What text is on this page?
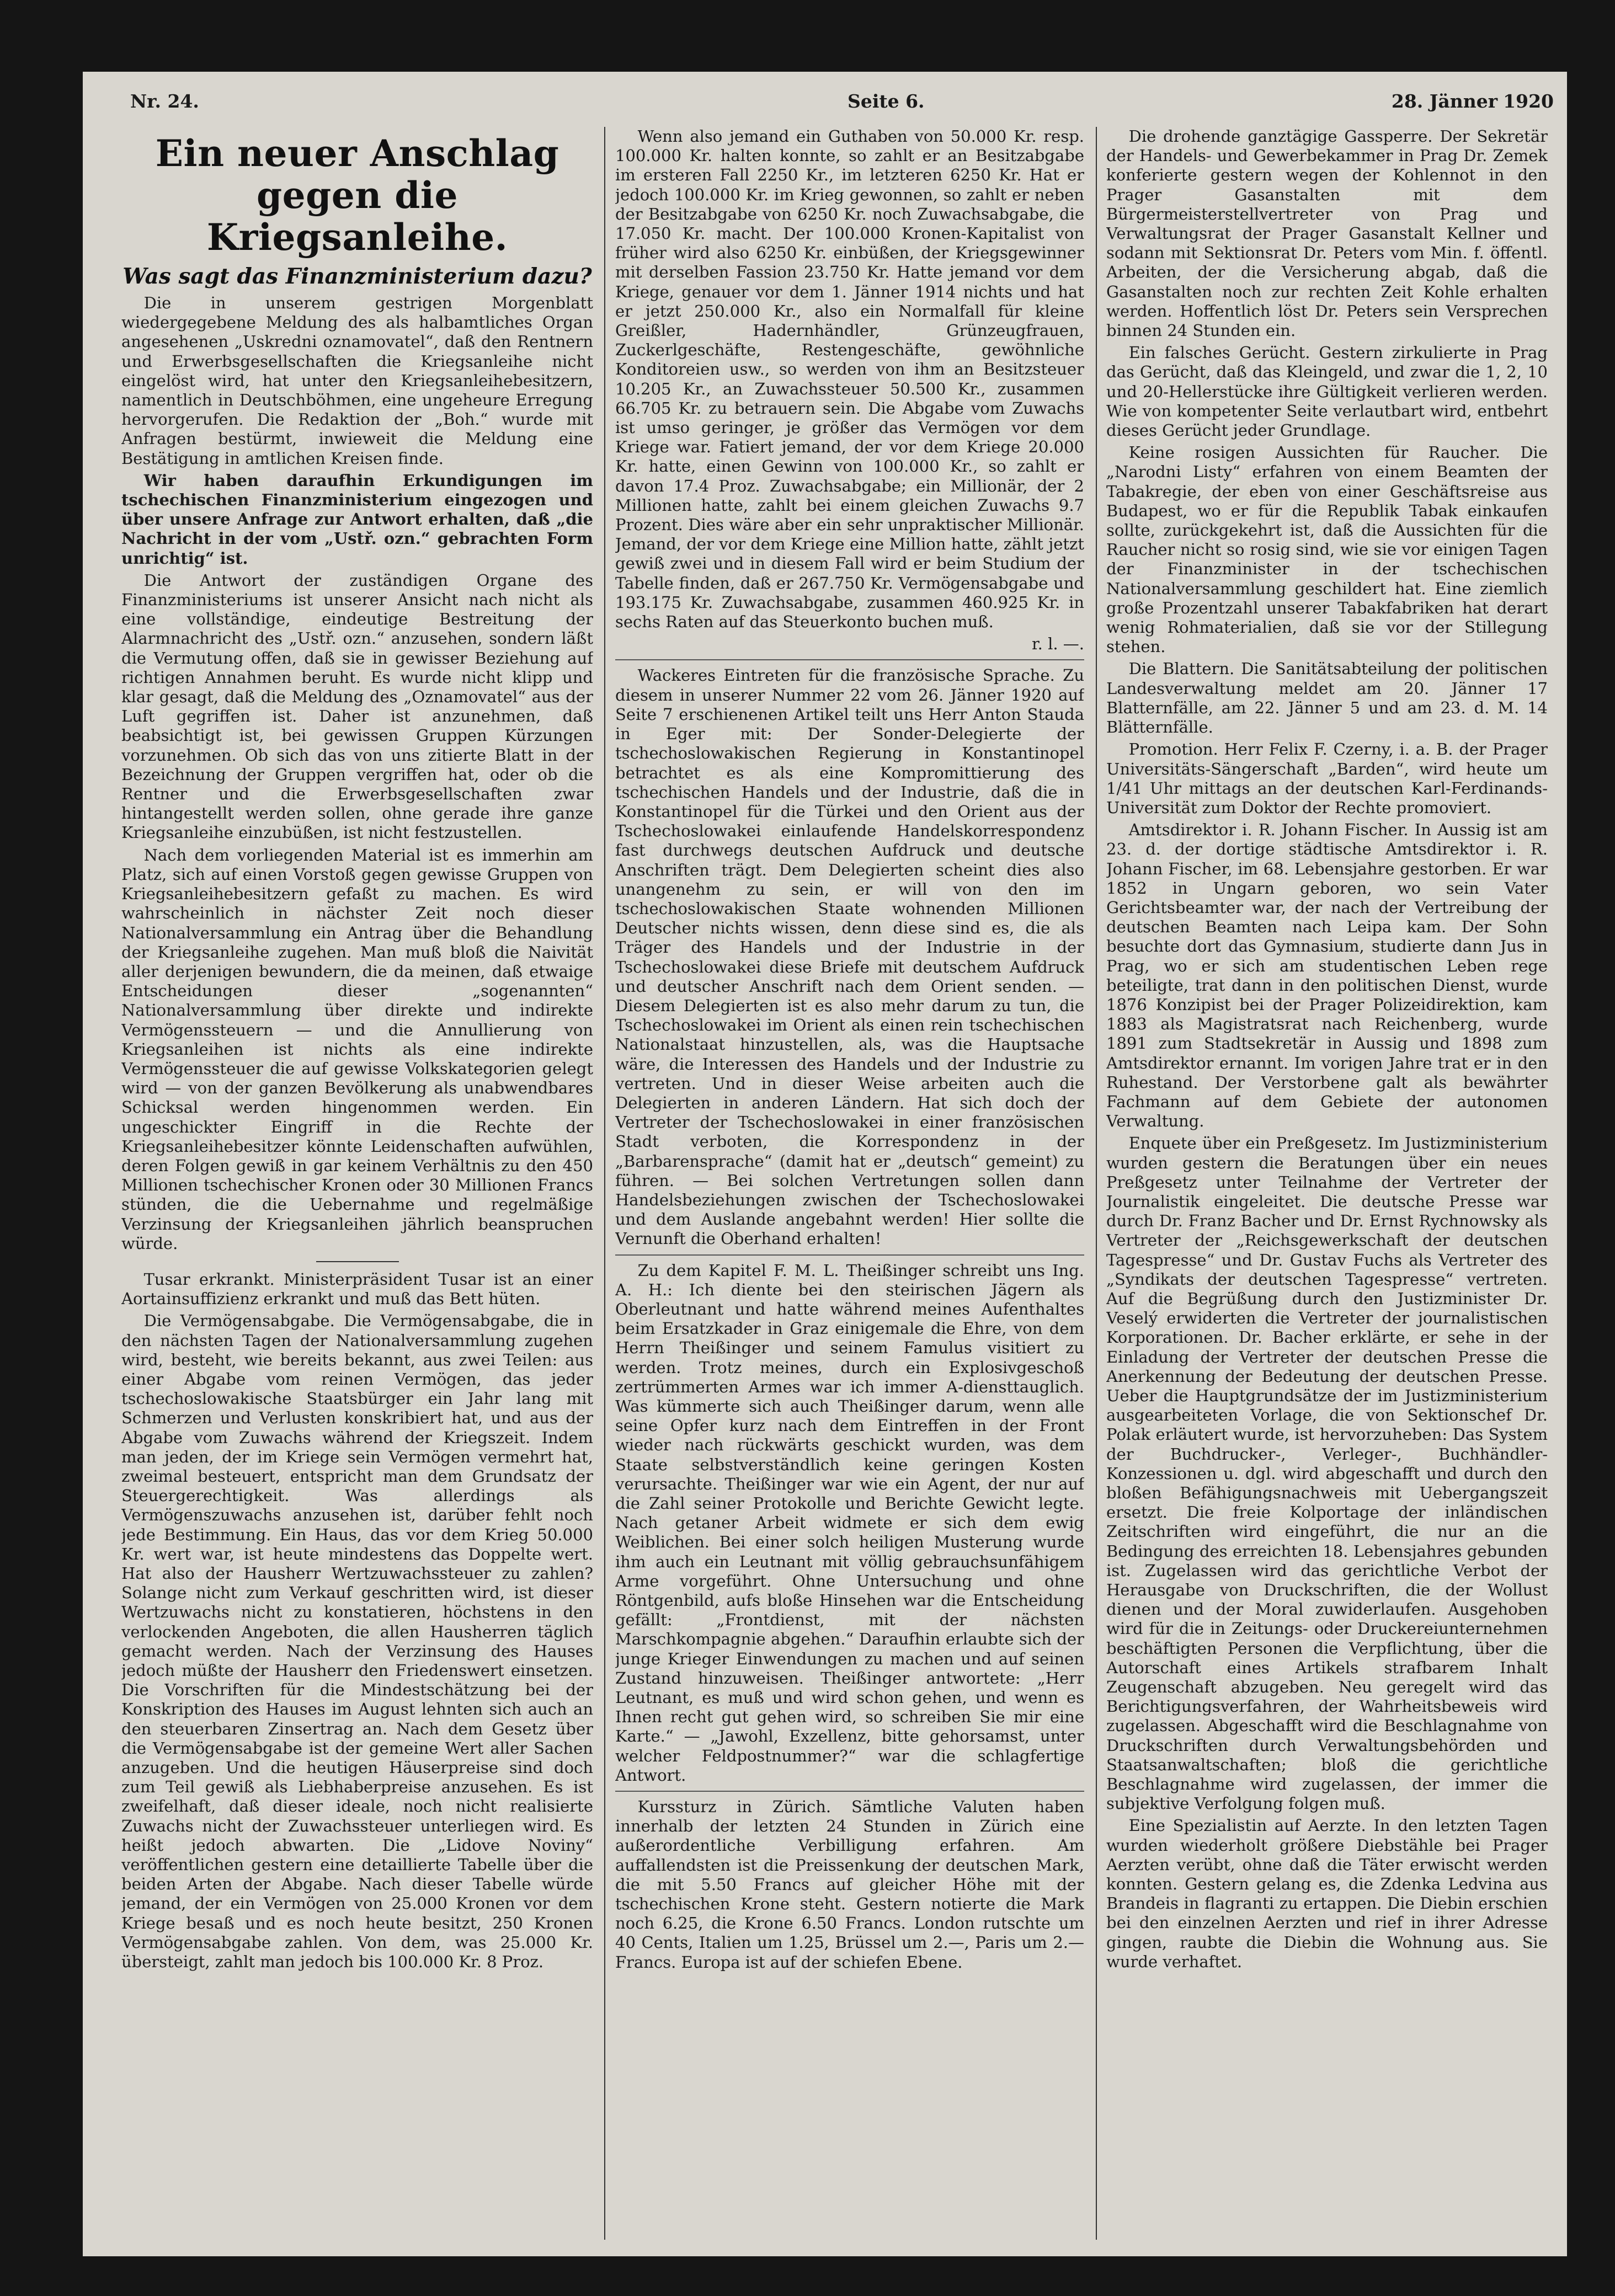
Nr. 24.	Seite 6.	28. Jänner 1920
Ein neuer Anschlag gegen die Kriegsanleihe.
Was sagt das Finanzministerium dazu?

Die in unserem gestrigen Morgenblatt wiedergegebene Meldung des als halbamtliches Organ angesehenen „Uskredni oznamovatel“, daß den Rentnern und Erwerbsgesellschaften die Kriegsanleihe nicht eingelöst wird, hat unter den Kriegsanleihebesitzern, namentlich in Deutschböhmen, eine ungeheure Erregung hervorgerufen. Die Redaktion der „Boh.“ wurde mit Anfragen bestürmt, inwieweit die Meldung eine Bestätigung in amtlichen Kreisen finde.

Wir haben daraufhin Erkundigungen im tschechischen Finanzministerium eingezogen und über unsere Anfrage zur Antwort erhalten, daß „die Nachricht in der vom „Ustř. ozn.“ gebrachten Form unrichtig“ ist.

Die Antwort der zuständigen Organe des Finanzministeriums ist unserer Ansicht nach nicht als eine vollständige, eindeutige Bestreitung der Alarmnachricht des „Ustř. ozn.“ anzusehen, sondern läßt die Vermutung offen, daß sie in gewisser Beziehung auf richtigen Annahmen beruht. Es wurde nicht klipp und klar gesagt, daß die Meldung des „Oznamovatel“ aus der Luft gegriffen ist. Daher ist anzunehmen, daß beabsichtigt ist, bei gewissen Gruppen Kürzungen vorzunehmen. Ob sich das von uns zitierte Blatt in der Bezeichnung der Gruppen vergriffen hat, oder ob die Rentner und die Erwerbsgesellschaften zwar hintangestellt werden sollen, ohne gerade ihre ganze Kriegsanleihe einzubüßen, ist nicht festzustellen.

Nach dem vorliegenden Material ist es immerhin am Platz, sich auf einen Vorstoß gegen gewisse Gruppen von Kriegsanleihebesitzern gefaßt zu machen. Es wird wahrscheinlich in nächster Zeit noch dieser Nationalversammlung ein Antrag über die Behandlung der Kriegsanleihe zugehen. Man muß bloß die Naivität aller derjenigen bewundern, die da meinen, daß etwaige Entscheidungen dieser „sogenannten“ Nationalversammlung über direkte und indirekte Vermögenssteuern — und die Annullierung von Kriegsanleihen ist nichts als eine indirekte Vermögenssteuer die auf gewisse Volkskategorien gelegt wird — von der ganzen Bevölkerung als unabwendbares Schicksal werden hingenommen werden. Ein ungeschickter Eingriff in die Rechte der Kriegsanleihebesitzer könnte Leidenschaften aufwühlen, deren Folgen gewiß in gar keinem Verhältnis zu den 450 Millionen tschechischer Kronen oder 30 Millionen Francs stünden, die die Uebernahme und regelmäßige Verzinsung der Kriegsanleihen jährlich beanspruchen würde.

Tusar erkrankt. Ministerpräsident Tusar ist an einer Aortainsuffizienz erkrankt und muß das Bett hüten.

Die Vermögensabgabe. Die Vermögensabgabe, die in den nächsten Tagen der Nationalversammlung zugehen wird, besteht, wie bereits bekannt, aus zwei Teilen: aus einer Abgabe vom reinen Vermögen, das jeder tschechoslowakische Staatsbürger ein Jahr lang mit Schmerzen und Verlusten konskribiert hat, und aus der Abgabe vom Zuwachs während der Kriegszeit. Indem man jeden, der im Kriege sein Vermögen vermehrt hat, zweimal besteuert, entspricht man dem Grundsatz der Steuergerechtigkeit. Was allerdings als Vermögenszuwachs anzusehen ist, darüber fehlt noch jede Bestimmung. Ein Haus, das vor dem Krieg 50.000 Kr. wert war, ist heute mindestens das Doppelte wert. Hat also der Hausherr Wertzuwachssteuer zu zahlen? Solange nicht zum Verkauf geschritten wird, ist dieser Wertzuwachs nicht zu konstatieren, höchstens in den verlockenden Angeboten, die allen Hausherren täglich gemacht werden. Nach der Verzinsung des Hauses jedoch müßte der Hausherr den Friedenswert einsetzen. Die Vorschriften für die Mindestschätzung bei der Konskription des Hauses im August lehnten sich auch an den steuerbaren Zinsertrag an. Nach dem Gesetz über die Vermögensabgabe ist der gemeine Wert aller Sachen anzugeben. Und die heutigen Häuserpreise sind doch zum Teil gewiß als Liebhaberpreise anzusehen. Es ist zweifelhaft, daß dieser ideale, noch nicht realisierte Zuwachs nicht der Zuwachssteuer unterliegen wird. Es heißt jedoch abwarten. Die „Lidove Noviny“ veröffentlichen gestern eine detaillierte Tabelle über die beiden Arten der Abgabe. Nach dieser Tabelle würde jemand, der ein Vermögen von 25.000 Kronen vor dem Kriege besaß und es noch heute besitzt, 250 Kronen Vermögensabgabe zahlen. Von dem, was 25.000 Kr. übersteigt, zahlt man jedoch bis 100.000 Kr. 8 Proz.

Wenn also jemand ein Guthaben von 50.000 Kr. resp. 100.000 Kr. halten konnte, so zahlt er an Besitzabgabe im ersteren Fall 2250 Kr., im letzteren 6250 Kr. Hat er jedoch 100.000 Kr. im Krieg gewonnen, so zahlt er neben der Besitzabgabe von 6250 Kr. noch Zuwachsabgabe, die 17.050 Kr. macht. Der 100.000 Kronen-Kapitalist von früher wird also 6250 Kr. einbüßen, der Kriegsgewinner mit derselben Fassion 23.750 Kr. Hatte jemand vor dem Kriege, genauer vor dem 1. Jänner 1914 nichts und hat er jetzt 250.000 Kr., also ein Normalfall für kleine Greißler, Hadernhändler, Grünzeugfrauen, Zuckerlgeschäfte, Restengeschäfte, gewöhnliche Konditoreien usw., so werden von ihm an Besitzsteuer 10.205 Kr., an Zuwachssteuer 50.500 Kr., zusammen 66.705 Kr. zu betrauern sein. Die Abgabe vom Zuwachs ist umso geringer, je größer das Vermögen vor dem Kriege war. Fatiert jemand, der vor dem Kriege 20.000 Kr. hatte, einen Gewinn von 100.000 Kr., so zahlt er davon 17.4 Proz. Zuwachsabgabe; ein Millionär, der 2 Millionen hatte, zahlt bei einem gleichen Zuwachs 9.7 Prozent. Dies wäre aber ein sehr unpraktischer Millionär. Jemand, der vor dem Kriege eine Million hatte, zählt jetzt gewiß zwei und in diesem Fall wird er beim Studium der Tabelle finden, daß er 267.750 Kr. Vermögensabgabe und 193.175 Kr. Zuwachsabgabe, zusammen 460.925 Kr. in sechs Raten auf das Steuerkonto buchen muß.

r. l. —.

Wackeres Eintreten für die französische Sprache. Zu diesem in unserer Nummer 22 vom 26. Jänner 1920 auf Seite 7 erschienenen Artikel teilt uns Herr Anton Stauda in Eger mit: Der Sonder-Delegierte der tschechoslowakischen Regierung in Konstantinopel betrachtet es als eine Kompromittierung des tschechischen Handels und der Industrie, daß die in Konstantinopel für die Türkei und den Orient aus der Tschechoslowakei einlaufende Handelskorrespondenz fast durchwegs deutschen Aufdruck und deutsche Anschriften trägt. Dem Delegierten scheint dies also unangenehm zu sein, er will von den im tschechoslowakischen Staate wohnenden Millionen Deutscher nichts wissen, denn diese sind es, die als Träger des Handels und der Industrie in der Tschechoslowakei diese Briefe mit deutschem Aufdruck und deutscher Anschrift nach dem Orient senden. — Diesem Delegierten ist es also mehr darum zu tun, die Tschechoslowakei im Orient als einen rein tschechischen Nationalstaat hinzustellen, als, was die Hauptsache wäre, die Interessen des Handels und der Industrie zu vertreten. Und in dieser Weise arbeiten auch die Delegierten in anderen Ländern. Hat sich doch der Vertreter der Tschechoslowakei in einer französischen Stadt verboten, die Korrespondenz in der „Barbarensprache“ (damit hat er „deutsch“ gemeint) zu führen. — Bei solchen Vertretungen sollen dann Handelsbeziehungen zwischen der Tschechoslowakei und dem Auslande angebahnt werden! Hier sollte die Vernunft die Oberhand erhalten!

Zu dem Kapitel F. M. L. Theißinger schreibt uns Ing. A. H.: Ich diente bei den steirischen Jägern als Oberleutnant und hatte während meines Aufenthaltes beim Ersatzkader in Graz einigemale die Ehre, von dem Herrn Theißinger und seinem Famulus visitiert zu werden. Trotz meines, durch ein Explosivgeschoß zertrümmerten Armes war ich immer A-diensttauglich. Was kümmerte sich auch Theißinger darum, wenn alle seine Opfer kurz nach dem Eintreffen in der Front wieder nach rückwärts geschickt wurden, was dem Staate selbstverständlich keine geringen Kosten verursachte. Theißinger war wie ein Agent, der nur auf die Zahl seiner Protokolle und Berichte Gewicht legte. Nach getaner Arbeit widmete er sich dem ewig Weiblichen. Bei einer solch heiligen Musterung wurde ihm auch ein Leutnant mit völlig gebrauchsunfähigem Arme vorgeführt. Ohne Untersuchung und ohne Röntgenbild, aufs bloße Hinsehen war die Entscheidung gefällt: „Frontdienst, mit der nächsten Marschkompagnie abgehen.“ Daraufhin erlaubte sich der junge Krieger Einwendungen zu machen und auf seinen Zustand hinzuweisen. Theißinger antwortete: „Herr Leutnant, es muß und wird schon gehen, und wenn es Ihnen recht gut gehen wird, so schreiben Sie mir eine Karte.“ — „Jawohl, Exzellenz, bitte gehorsamst, unter welcher Feldpostnummer?“ war die schlagfertige Antwort.

Kurssturz in Zürich. Sämtliche Valuten haben innerhalb der letzten 24 Stunden in Zürich eine außerordentliche Verbilligung erfahren. Am auffallendsten ist die Preissenkung der deutschen Mark, die mit 5.50 Francs auf gleicher Höhe mit der tschechischen Krone steht. Gestern notierte die Mark noch 6.25, die Krone 6.50 Francs. London rutschte um 40 Cents, Italien um 1.25, Brüssel um 2.—, Paris um 2.— Francs. Europa ist auf der schiefen Ebene.

Die drohende ganztägige Gassperre. Der Sekretär der Handels- und Gewerbekammer in Prag Dr. Zemek konferierte gestern wegen der Kohlennot in den Prager Gasanstalten mit dem Bürgermeisterstellvertreter von Prag und Verwaltungsrat der Prager Gasanstalt Kellner und sodann mit Sektionsrat Dr. Peters vom Min. f. öffentl. Arbeiten, der die Versicherung abgab, daß die Gasanstalten noch zur rechten Zeit Kohle erhalten werden. Hoffentlich löst Dr. Peters sein Versprechen binnen 24 Stunden ein.

Ein falsches Gerücht. Gestern zirkulierte in Prag das Gerücht, daß das Kleingeld, und zwar die 1, 2, 10 und 20-Hellerstücke ihre Gültigkeit verlieren werden. Wie von kompetenter Seite verlautbart wird, entbehrt dieses Gerücht jeder Grundlage.

Keine rosigen Aussichten für Raucher. Die „Narodni Listy“ erfahren von einem Beamten der Tabakregie, der eben von einer Geschäftsreise aus Budapest, wo er für die Republik Tabak einkaufen sollte, zurückgekehrt ist, daß die Aussichten für die Raucher nicht so rosig sind, wie sie vor einigen Tagen der Finanzminister in der tschechischen Nationalversammlung geschildert hat. Eine ziemlich große Prozentzahl unserer Tabakfabriken hat derart wenig Rohmaterialien, daß sie vor der Stillegung stehen.

Die Blattern. Die Sanitätsabteilung der politischen Landesverwaltung meldet am 20. Jänner 17 Blatternfälle, am 22. Jänner 5 und am 23. d. M. 14 Blätternfälle.

Promotion. Herr Felix F. Czerny, i. a. B. der Prager Universitäts-Sängerschaft „Barden“, wird heute um 1/41 Uhr mittags an der deutschen Karl-Ferdinands-Universität zum Doktor der Rechte promoviert.

Amtsdirektor i. R. Johann Fischer. In Aussig ist am 23. d. der dortige städtische Amtsdirektor i. R. Johann Fischer, im 68. Lebensjahre gestorben. Er war 1852 in Ungarn geboren, wo sein Vater Gerichtsbeamter war, der nach der Vertreibung der deutschen Beamten nach Leipa kam. Der Sohn besuchte dort das Gymnasium, studierte dann Jus in Prag, wo er sich am studentischen Leben rege beteiligte, trat dann in den politischen Dienst, wurde 1876 Konzipist bei der Prager Polizeidirektion, kam 1883 als Magistratsrat nach Reichenberg, wurde 1891 zum Stadtsekretär in Aussig und 1898 zum Amtsdirektor ernannt. Im vorigen Jahre trat er in den Ruhestand. Der Verstorbene galt als bewährter Fachmann auf dem Gebiete der autonomen Verwaltung.

Enquete über ein Preßgesetz. Im Justizministerium wurden gestern die Beratungen über ein neues Preßgesetz unter Teilnahme der Vertreter der Journalistik eingeleitet. Die deutsche Presse war durch Dr. Franz Bacher und Dr. Ernst Rychnowsky als Vertreter der „Reichsgewerkschaft der deutschen Tagespresse“ und Dr. Gustav Fuchs als Vertreter des „Syndikats der deutschen Tagespresse“ vertreten. Auf die Begrüßung durch den Justizminister Dr. Veselý erwiderten die Vertreter der journalistischen Korporationen. Dr. Bacher erklärte, er sehe in der Einladung der Vertreter der deutschen Presse die Anerkennung der Bedeutung der deutschen Presse. Ueber die Hauptgrundsätze der im Justizministerium ausgearbeiteten Vorlage, die von Sektionschef Dr. Polak erläutert wurde, ist hervorzuheben: Das System der Buchdrucker-, Verleger-, Buchhändler-Konzessionen u. dgl. wird abgeschafft und durch den bloßen Befähigungsnachweis mit Uebergangszeit ersetzt. Die freie Kolportage der inländischen Zeitschriften wird eingeführt, die nur an die Bedingung des erreichten 18. Lebensjahres gebunden ist. Zugelassen wird das gerichtliche Verbot der Herausgabe von Druckschriften, die der Wollust dienen und der Moral zuwiderlaufen. Ausgehoben wird für die in Zeitungs- oder Druckereiunternehmen beschäftigten Personen die Verpflichtung, über die Autorschaft eines Artikels strafbarem Inhalt Zeugenschaft abzugeben. Neu geregelt wird das Berichtigungsverfahren, der Wahrheitsbeweis wird zugelassen. Abgeschafft wird die Beschlagnahme von Druckschriften durch Verwaltungsbehörden und Staatsanwaltschaften; bloß die gerichtliche Beschlagnahme wird zugelassen, der immer die subjektive Verfolgung folgen muß.

Eine Spezialistin auf Aerzte. In den letzten Tagen wurden wiederholt größere Diebstähle bei Prager Aerzten verübt, ohne daß die Täter erwischt werden konnten. Gestern gelang es, die Zdenka Ledvina aus Brandeis in flagranti zu ertappen. Die Diebin erschien bei den einzelnen Aerzten und rief in ihrer Adresse gingen, raubte die Diebin die Wohnung aus. Sie wurde verhaftet.
